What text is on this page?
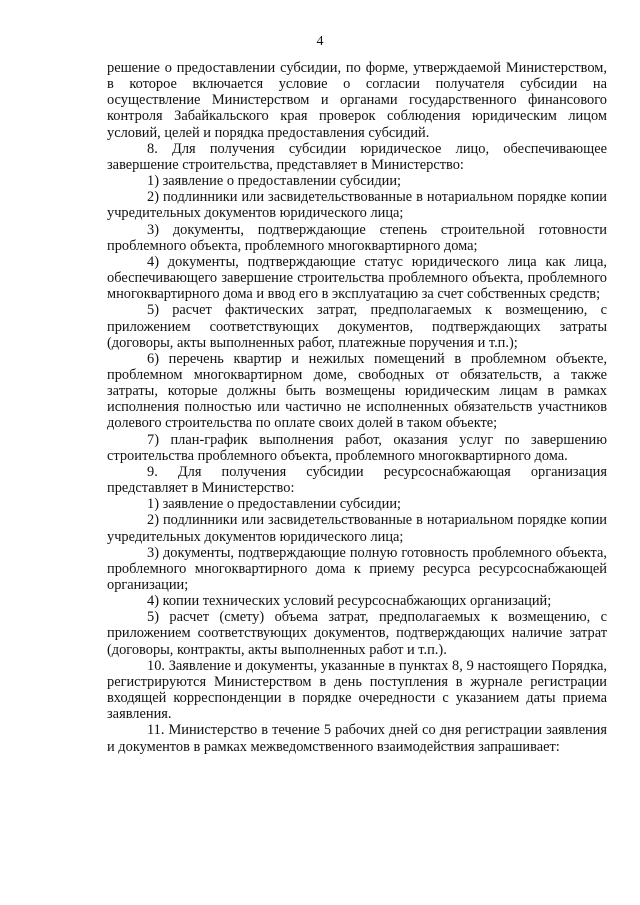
4

решение о предоставлении субсидии, по форме, утверждаемой Министерством, в которое включается условие о согласии получателя субсидии на осуществление Министерством и органами государственного финансового контроля Забайкальского края проверок соблюдения юридическим лицом условий, целей и порядка предоставления субсидий.

8. Для получения субсидии юридическое лицо, обеспечивающее завершение строительства, представляет в Министерство:

1) заявление о предоставлении субсидии;

2) подлинники или засвидетельствованные в нотариальном порядке копии учредительных документов юридического лица;

3) документы, подтверждающие степень строительной готовности проблемного объекта, проблемного многоквартирного дома;

4) документы, подтверждающие статус юридического лица как лица, обеспечивающего завершение строительства проблемного объекта, проблемного многоквартирного дома и ввод его в эксплуатацию за счет собственных средств;

5) расчет фактических затрат, предполагаемых к возмещению, с приложением соответствующих документов, подтверждающих затраты (договоры, акты выполненных работ, платежные поручения и т.п.);

6) перечень квартир и нежилых помещений в проблемном объекте, проблемном многоквартирном доме, свободных от обязательств, а также затраты, которые должны быть возмещены юридическим лицам в рамках исполнения полностью или частично не исполненных обязательств участников долевого строительства по оплате своих долей в таком объекте;

7) план-график выполнения работ, оказания услуг по завершению строительства проблемного объекта, проблемного многоквартирного дома.

9. Для получения субсидии ресурсоснабжающая организация представляет в Министерство:

1) заявление о предоставлении субсидии;

2) подлинники или засвидетельствованные в нотариальном порядке копии учредительных документов юридического лица;

3) документы, подтверждающие полную готовность проблемного объекта, проблемного многоквартирного дома к приему ресурса ресурсоснабжающей организации;

4) копии технических условий ресурсоснабжающих организаций;

5) расчет (смету) объема затрат, предполагаемых к возмещению, с приложением соответствующих документов, подтверждающих наличие затрат (договоры, контракты, акты выполненных работ и т.п.).

10. Заявление и документы, указанные в пунктах 8, 9 настоящего Порядка, регистрируются Министерством в день поступления в журнале регистрации входящей корреспонденции в порядке очередности с указанием даты приема заявления.

11. Министерство в течение 5 рабочих дней со дня регистрации заявления и документов в рамках межведомственного взаимодействия запрашивает:
